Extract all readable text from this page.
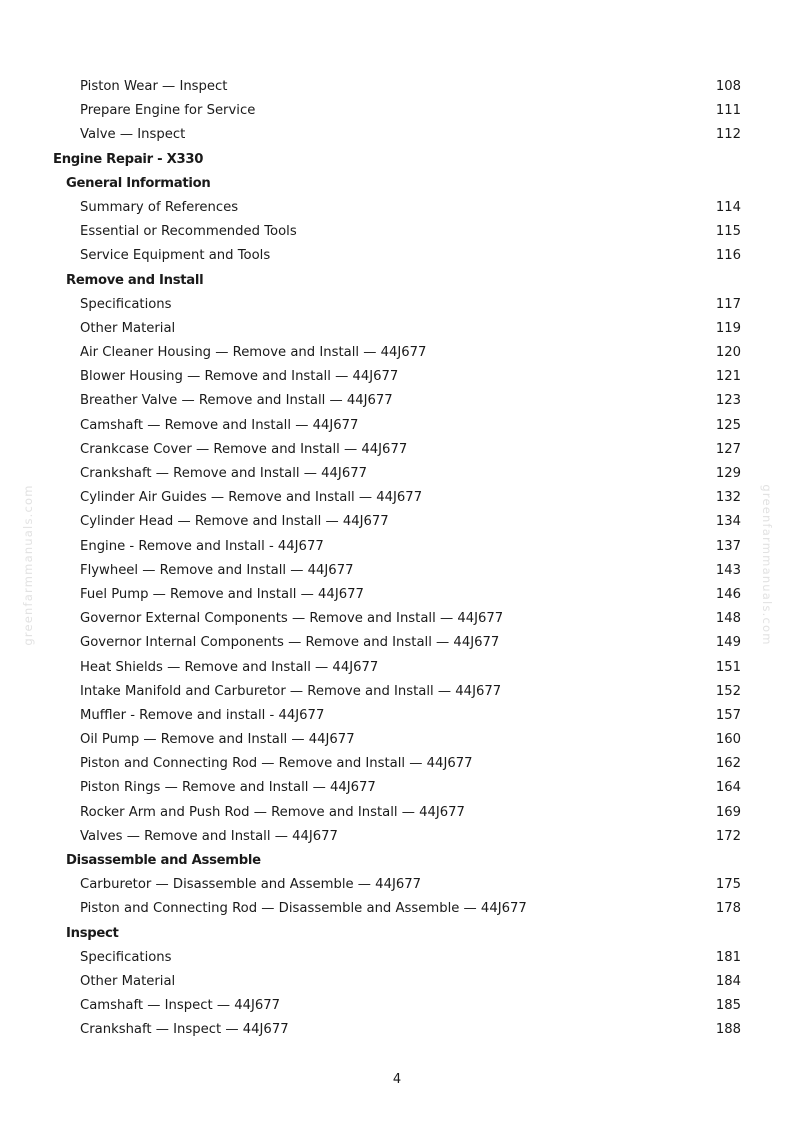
greenfarmmanuals.com	greenfarmmanuals.com
Piston Wear — Inspect	108
Prepare Engine for Service	111
Valve — Inspect	112
Engine Repair - X330
General Information
Summary of References	114
Essential or Recommended Tools	115
Service Equipment and Tools	116
Remove and Install
Specifications	117
Other Material	119
Air Cleaner Housing — Remove and Install — 44J677	120
Blower Housing — Remove and Install — 44J677	121
Breather Valve — Remove and Install — 44J677	123
Camshaft — Remove and Install — 44J677	125
Crankcase Cover — Remove and Install — 44J677	127
Crankshaft — Remove and Install — 44J677	129
Cylinder Air Guides — Remove and Install — 44J677	132
Cylinder Head — Remove and Install — 44J677	134
Engine - Remove and Install - 44J677	137
Flywheel — Remove and Install — 44J677	143
Fuel Pump — Remove and Install — 44J677	146
Governor External Components — Remove and Install — 44J677	148
Governor Internal Components — Remove and Install — 44J677	149
Heat Shields — Remove and Install — 44J677	151
Intake Manifold and Carburetor — Remove and Install — 44J677	152
Muffler - Remove and install - 44J677	157
Oil Pump — Remove and Install — 44J677	160
Piston and Connecting Rod — Remove and Install — 44J677	162
Piston Rings — Remove and Install — 44J677	164
Rocker Arm and Push Rod — Remove and Install — 44J677	169
Valves — Remove and Install — 44J677	172
Disassemble and Assemble
Carburetor — Disassemble and Assemble — 44J677	175
Piston and Connecting Rod — Disassemble and Assemble — 44J677	178
Inspect
Specifications	181
Other Material	184
Camshaft — Inspect — 44J677	185
Crankshaft — Inspect — 44J677	188
4
